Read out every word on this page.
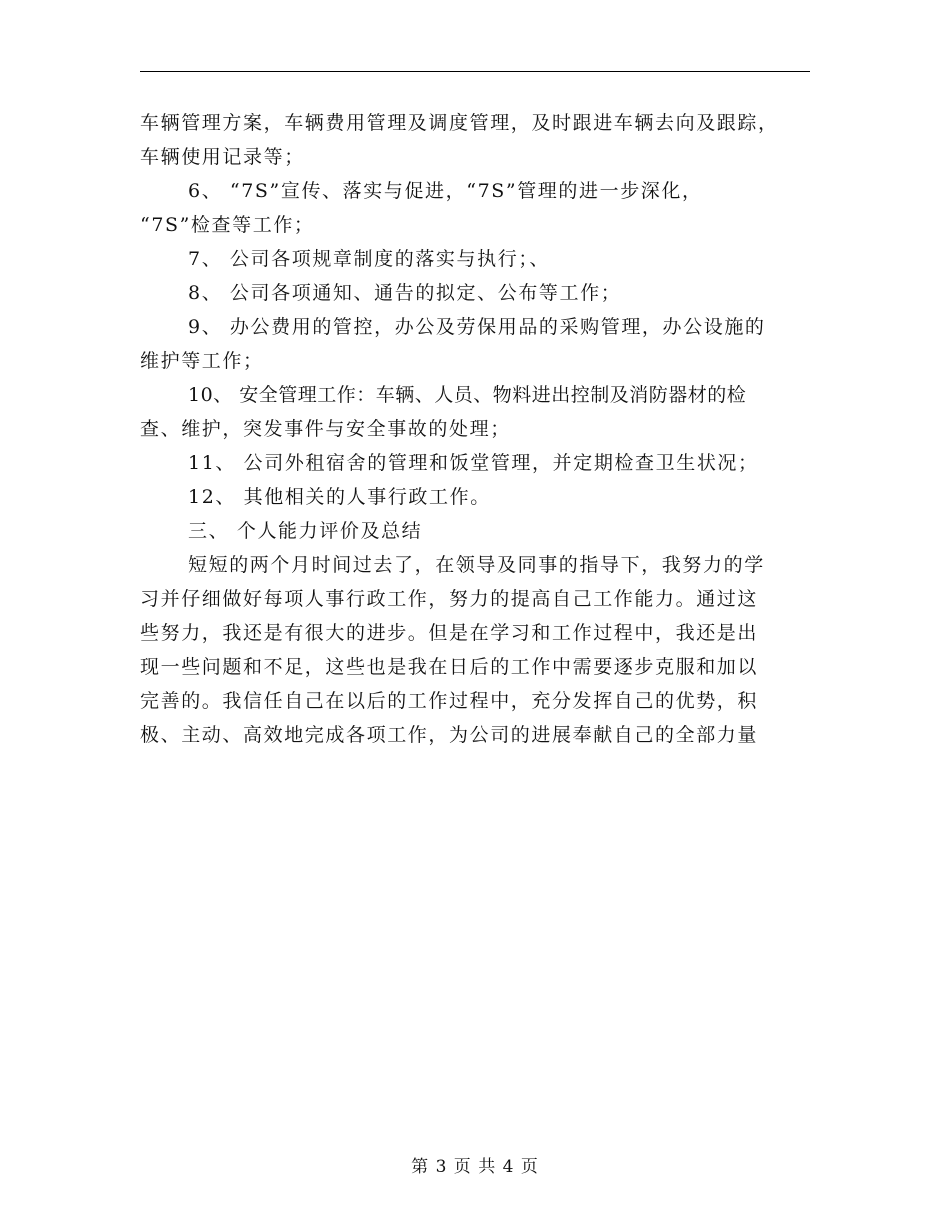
车辆管理方案，车辆费用管理及调度管理，及时跟进车辆去向及跟踪，
车辆使用记录等；
6、 “7S”宣传、落实与促进，“7S”管理的进一步深化，
“7S”检查等工作；
7、 公司各项规章制度的落实与执行；、
8、 公司各项通知、通告的拟定、公布等工作；
9、 办公费用的管控，办公及劳保用品的采购管理，办公设施的
维护等工作；
10、 安全管理工作：车辆、人员、物料进出控制及消防器材的检
查、维护，突发事件与安全事故的处理；
11、 公司外租宿舍的管理和饭堂管理，并定期检查卫生状况；
12、 其他相关的人事行政工作。
三、 个人能力评价及总结
短短的两个月时间过去了，在领导及同事的指导下，我努力的学
习并仔细做好每项人事行政工作，努力的提高自己工作能力。通过这
些努力，我还是有很大的进步。但是在学习和工作过程中，我还是出
现一些问题和不足，这些也是我在日后的工作中需要逐步克服和加以
完善的。我信任自己在以后的工作过程中，充分发挥自己的优势，积
极、主动、高效地完成各项工作，为公司的进展奉献自己的全部力量
第 3 页 共 4 页
